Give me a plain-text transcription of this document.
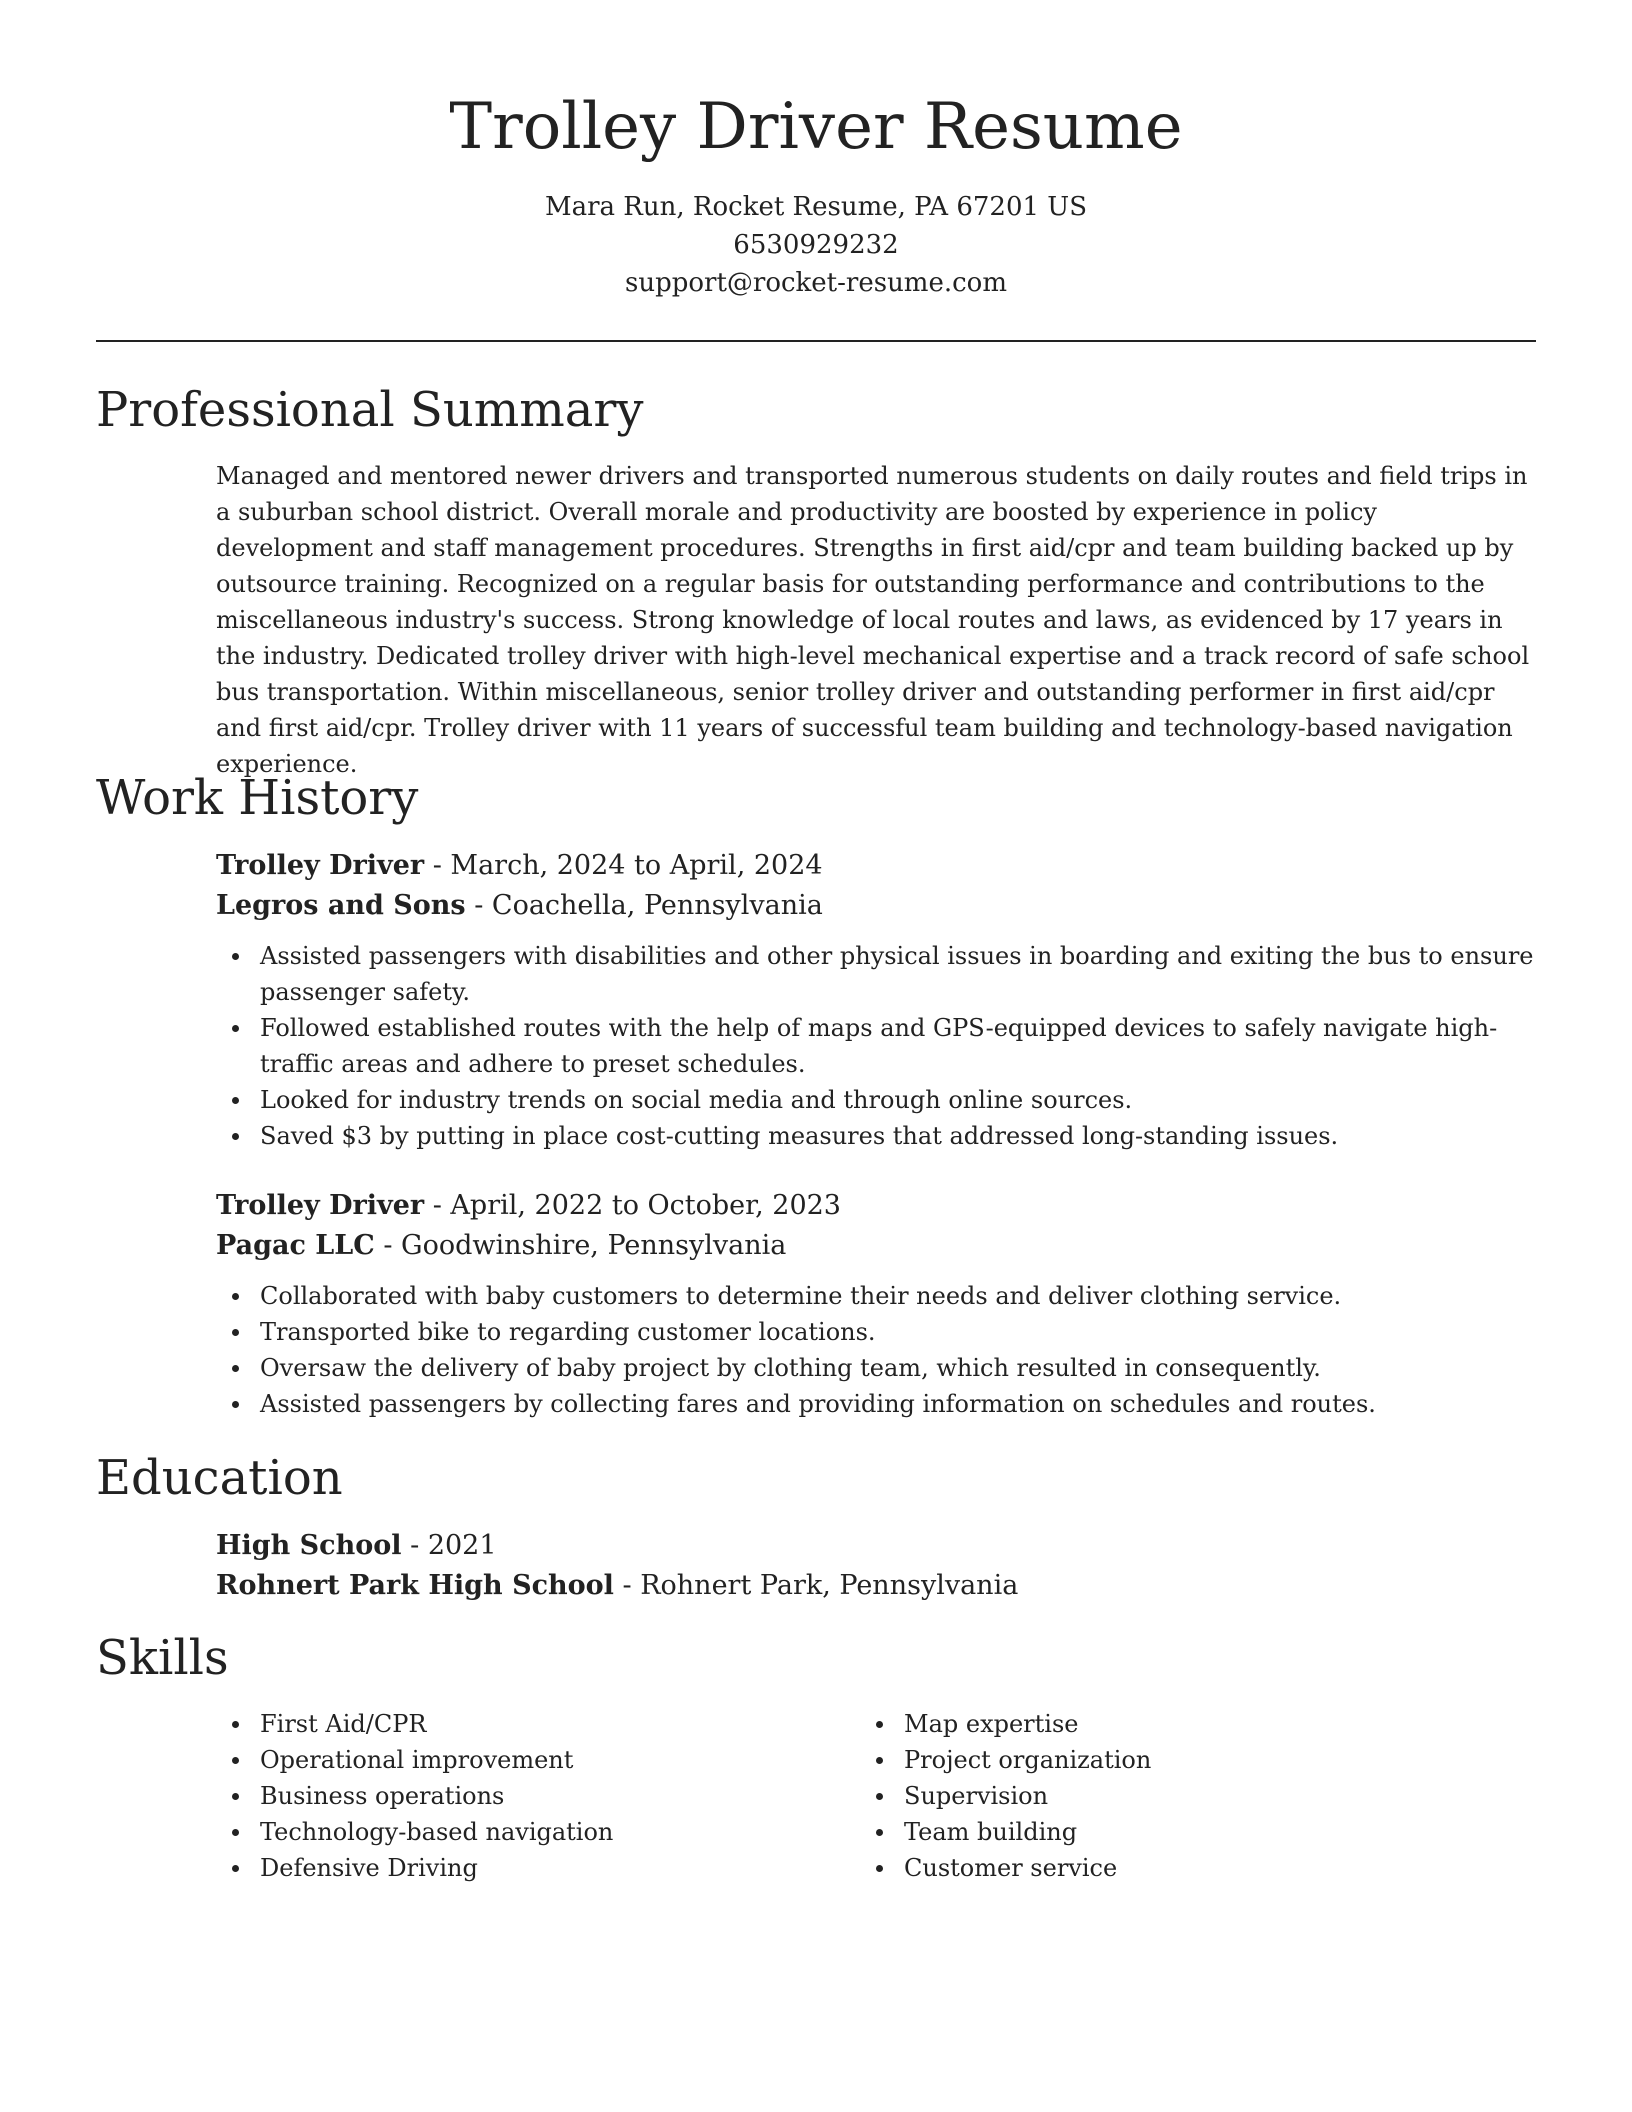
Trolley Driver Resume
Mara Run, Rocket Resume, PA 67201 US
6530929232
support@rocket-resume.com
Professional Summary

Managed and mentored newer drivers and transported numerous students on daily routes and field trips in a suburban school district. Overall morale and productivity are boosted by experience in policy development and staff management procedures. Strengths in first aid/cpr and team building backed up by outsource training. Recognized on a regular basis for outstanding performance and contributions to the miscellaneous industry's success. Strong knowledge of local routes and laws, as evidenced by 17 years in the industry. Dedicated trolley driver with high-level mechanical expertise and a track record of safe school bus transportation. Within miscellaneous, senior trolley driver and outstanding performer in first aid/cpr and first aid/cpr. Trolley driver with 11 years of successful team building and technology-based navigation experience.

Work History
Trolley Driver - March, 2024 to April, 2024
Legros and Sons - Coachella, Pennsylvania
Assisted passengers with disabilities and other physical issues in boarding and exiting the bus to ensure passenger safety.
Followed established routes with the help of maps and GPS-equipped devices to safely navigate high-traffic areas and adhere to preset schedules.
Looked for industry trends on social media and through online sources.
Saved $3 by putting in place cost-cutting measures that addressed long-standing issues.
Trolley Driver - April, 2022 to October, 2023
Pagac LLC - Goodwinshire, Pennsylvania
Collaborated with baby customers to determine their needs and deliver clothing service.
Transported bike to regarding customer locations.
Oversaw the delivery of baby project by clothing team, which resulted in consequently.
Assisted passengers by collecting fares and providing information on schedules and routes.
Education
High School - 2021
Rohnert Park High School - Rohnert Park, Pennsylvania
Skills
First Aid/CPR
Operational improvement
Business operations
Technology-based navigation
Defensive Driving
Map expertise
Project organization
Supervision
Team building
Customer service
